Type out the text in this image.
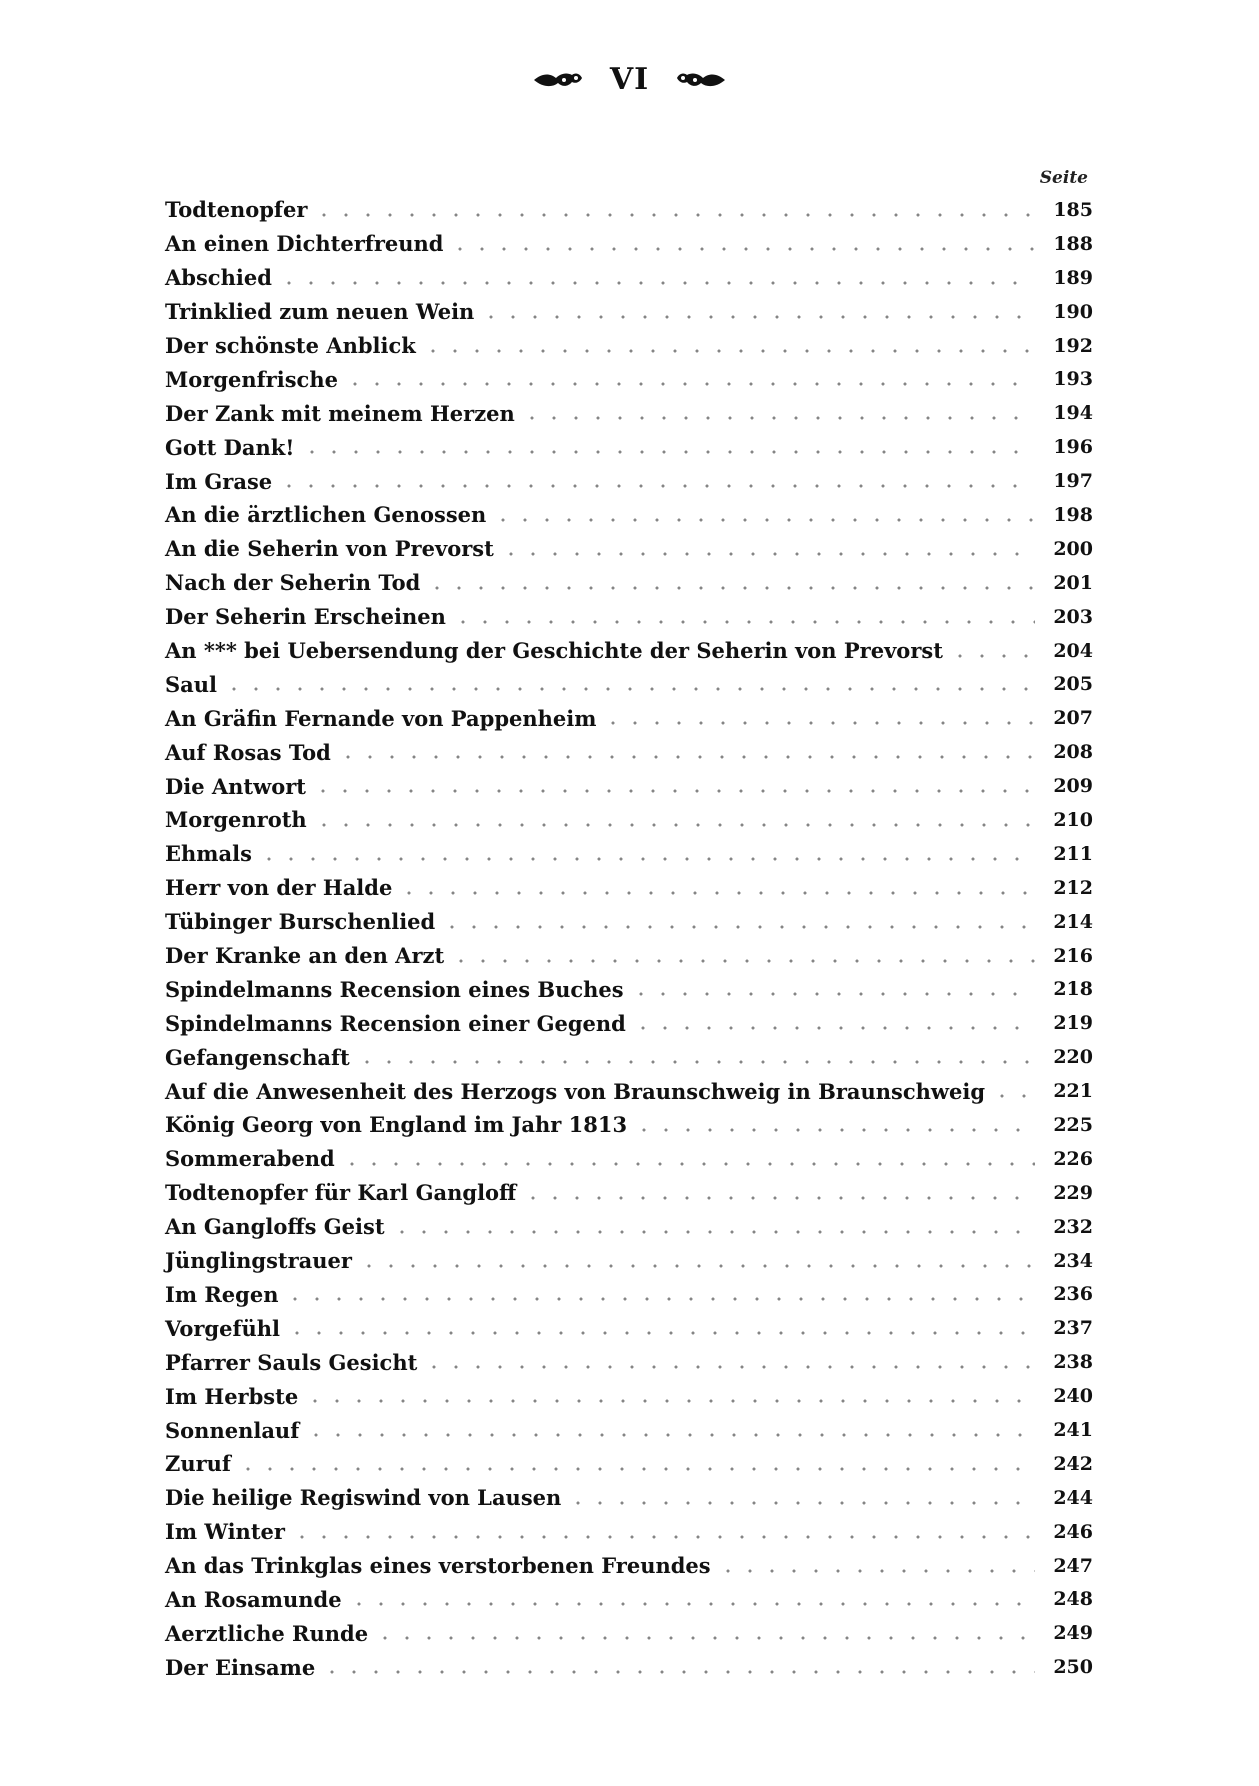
VI
Seite
Todtenopfer	185
An einen Dichterfreund	188
Abschied	189
Trinklied zum neuen Wein	190
Der schönste Anblick	192
Morgenfrische	193
Der Zank mit meinem Herzen	194
Gott Dank!	196
Im Grase	197
An die ärztlichen Genossen	198
An die Seherin von Prevorst	200
Nach der Seherin Tod	201
Der Seherin Erscheinen	203
An *** bei Uebersendung der Geschichte der Seherin von Prevorst	204
Saul	205
An Gräfin Fernande von Pappenheim	207
Auf Rosas Tod	208
Die Antwort	209
Morgenroth	210
Ehmals	211
Herr von der Halde	212
Tübinger Burschenlied	214
Der Kranke an den Arzt	216
Spindelmanns Recension eines Buches	218
Spindelmanns Recension einer Gegend	219
Gefangenschaft	220
Auf die Anwesenheit des Herzogs von Braunschweig in Braunschweig	221
König Georg von England im Jahr 1813	225
Sommerabend	226
Todtenopfer für Karl Gangloff	229
An Gangloffs Geist	232
Jünglingstrauer	234
Im Regen	236
Vorgefühl	237
Pfarrer Sauls Gesicht	238
Im Herbste	240
Sonnenlauf	241
Zuruf	242
Die heilige Regiswind von Lausen	244
Im Winter	246
An das Trinkglas eines verstorbenen Freundes	247
An Rosamunde	248
Aerztliche Runde	249
Der Einsame	250
